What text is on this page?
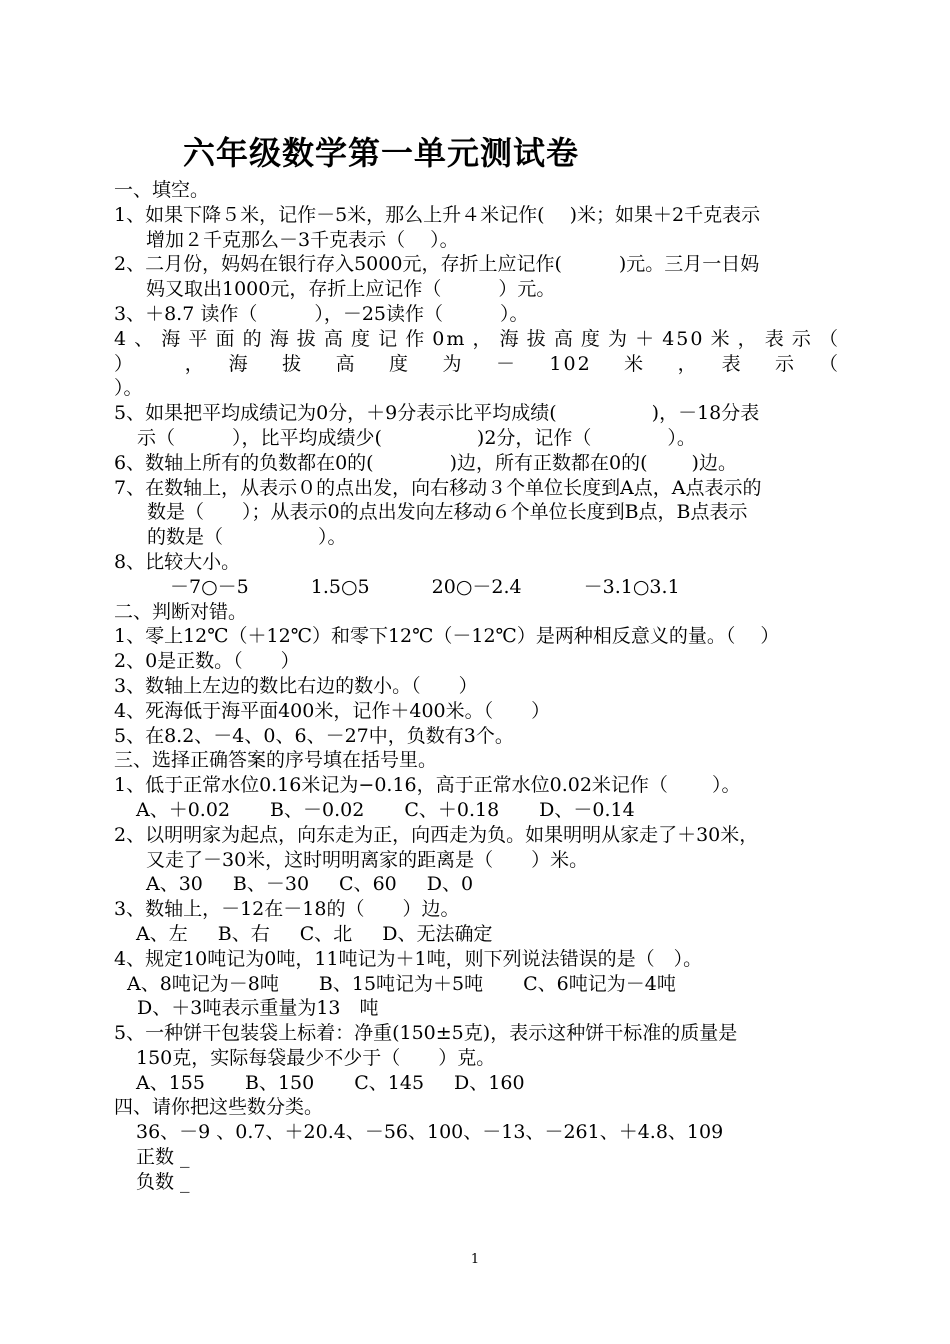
六年级数学第一单元测试卷
一、填空。
1、如果下降５米，记作－5米，那么上升４米记作(　 )米；如果＋2千克表示
增加２千克那么－3千克表示（　 ）。
2、二月份，妈妈在银行存入5000元，存折上应记作(　　　)元。三月一日妈
妈又取出1000元，存折上应记作（　　　）元。
3、＋8.7 读作（　　　），－25读作（　　　）。
4、海平面的海拔高度记作0m，海拔高度为＋450米，表示（
）　　，　海　拔　高　度　为　－　102　米　，　表　示　（
）。
5、如果把平均成绩记为0分，＋9分表示比平均成绩(　　　　　)，－18分表
示（　　　），比平均成绩少(　　　　　)2分，记作（　　　　）。
6、数轴上所有的负数都在0的(　　　　)边，所有正数都在0的(　　 )边。
7、在数轴上，从表示０的点出发，向右移动３个单位长度到A点，A点表示的
数是（　　）；从表示0的点出发向左移动６个单位长度到B点，B点表示
的数是（　　　　　）。
8、比较大小。
－7○－5	1.5○5	20○－2.4	－3.1○3.1
二、判断对错。
1、零上12℃（＋12℃）和零下12℃（－12℃）是两种相反意义的量。（　 ）
2、0是正数。（　　）
3、数轴上左边的数比右边的数小。（　　）
4、死海低于海平面400米，记作＋400米。（　　）
5、在8.2、－4、0、6、－27中，负数有3个。
三、选择正确答案的序号填在括号里。
1、低于正常水位0.16米记为−0.16，高于正常水位0.02米记作（　　 ）。
A、＋0.02 B、－0.02 C、＋0.18 D、－0.14
2、以明明家为起点，向东走为正，向西走为负。如果明明从家走了＋30米，
又走了－30米，这时明明离家的距离是（　　）米。
A、30 B、－30 C、60 D、0
3、数轴上，－12在－18的（　　）边。
A、左 B、右 C、北 D、无法确定
4、规定10吨记为0吨，11吨记为＋1吨，则下列说法错误的是（　）。
A、8吨记为－8吨 B、15吨记为＋5吨 C、6吨记为－4吨
D、＋3吨表示重量为13　吨
5、一种饼干包装袋上标着：净重(150±5克)，表示这种饼干标准的质量是
150克，实际每袋最少不少于（　　）克。
A、155 B、150 C、145 D、160
四、请你把这些数分类。
36、－9 、0.7、＋20.4、－56、100、－13、－261、＋4.8、109
正数 _
负数 _
1
